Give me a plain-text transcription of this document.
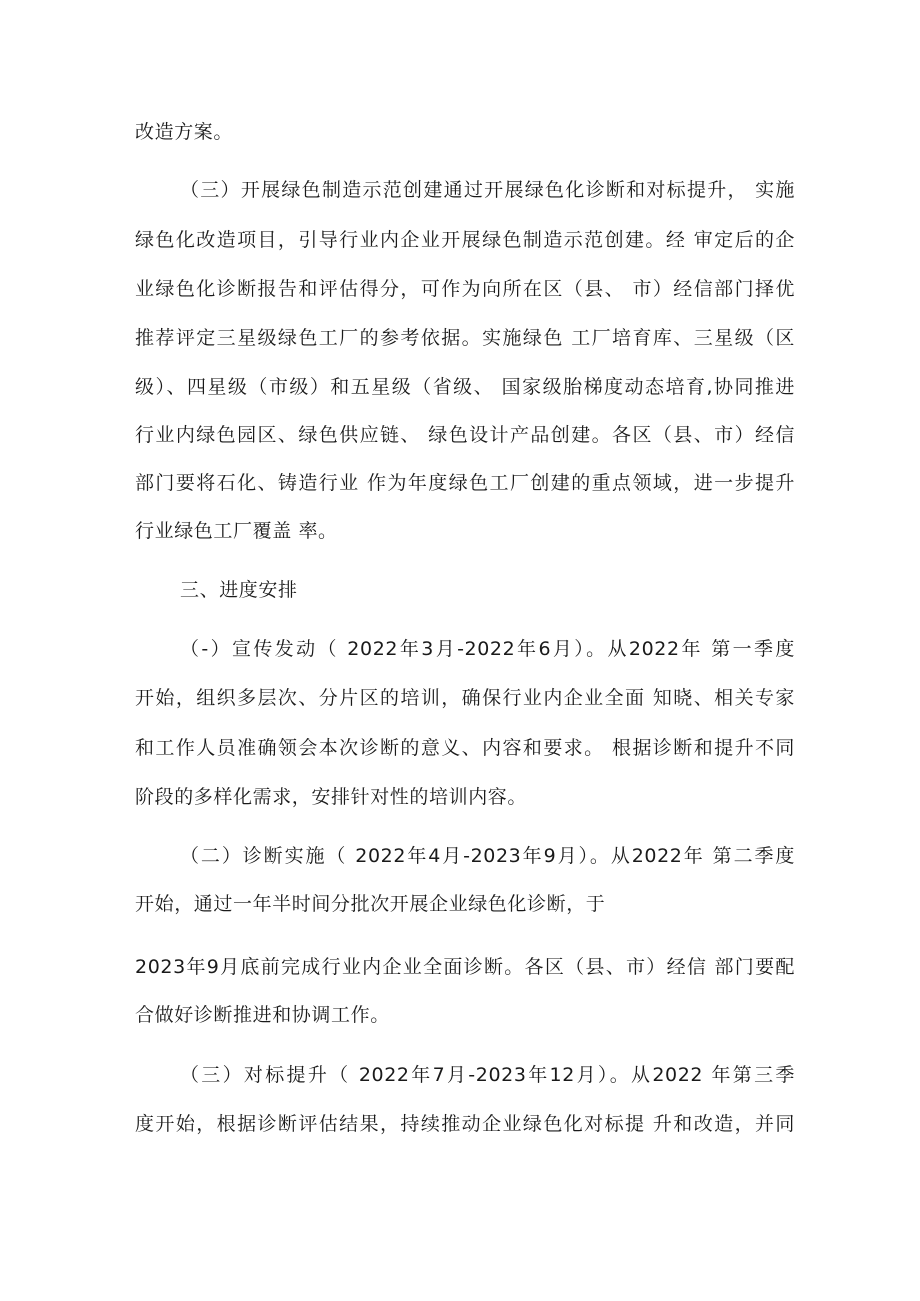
改造方案。
（三）开展绿色制造示范创建通过开展绿色化诊断和对标提升， 实施
绿色化改造项目，引导行业内企业开展绿色制造示范创建。经 审定后的企
业绿色化诊断报告和评估得分，可作为向所在区（县、 市）经信部门择优
推荐评定三星级绿色工厂的参考依据。实施绿色 工厂培育库、三星级（区
级）、四星级（市级）和五星级（省级、 国家级胎梯度动态培育,协同推进
行业内绿色园区、绿色供应链、 绿色设计产品创建。各区（县、市）经信
部门要将石化、铸造行业 作为年度绿色工厂创建的重点领域，进一步提升
行业绿色工厂覆盖 率。
三、进度安排
（-）宣传发动（ 2022年3月-2022年6月）。从2022年 第一季度
开始，组织多层次、分片区的培训，确保行业内企业全面 知晓、相关专家
和工作人员准确领会本次诊断的意义、内容和要求。 根据诊断和提升不同
阶段的多样化需求，安排针对性的培训内容。
（二）诊断实施（ 2022年4月-2023年9月）。从2022年 第二季度
开始，通过一年半时间分批次开展企业绿色化诊断，于
2023年9月底前完成行业内企业全面诊断。各区（县、市）经信 部门要配
合做好诊断推进和协调工作。
（三）对标提升（ 2022年7月-2023年12月）。从2022 年第三季
度开始，根据诊断评估结果，持续推动企业绿色化对标提 升和改造，并同
